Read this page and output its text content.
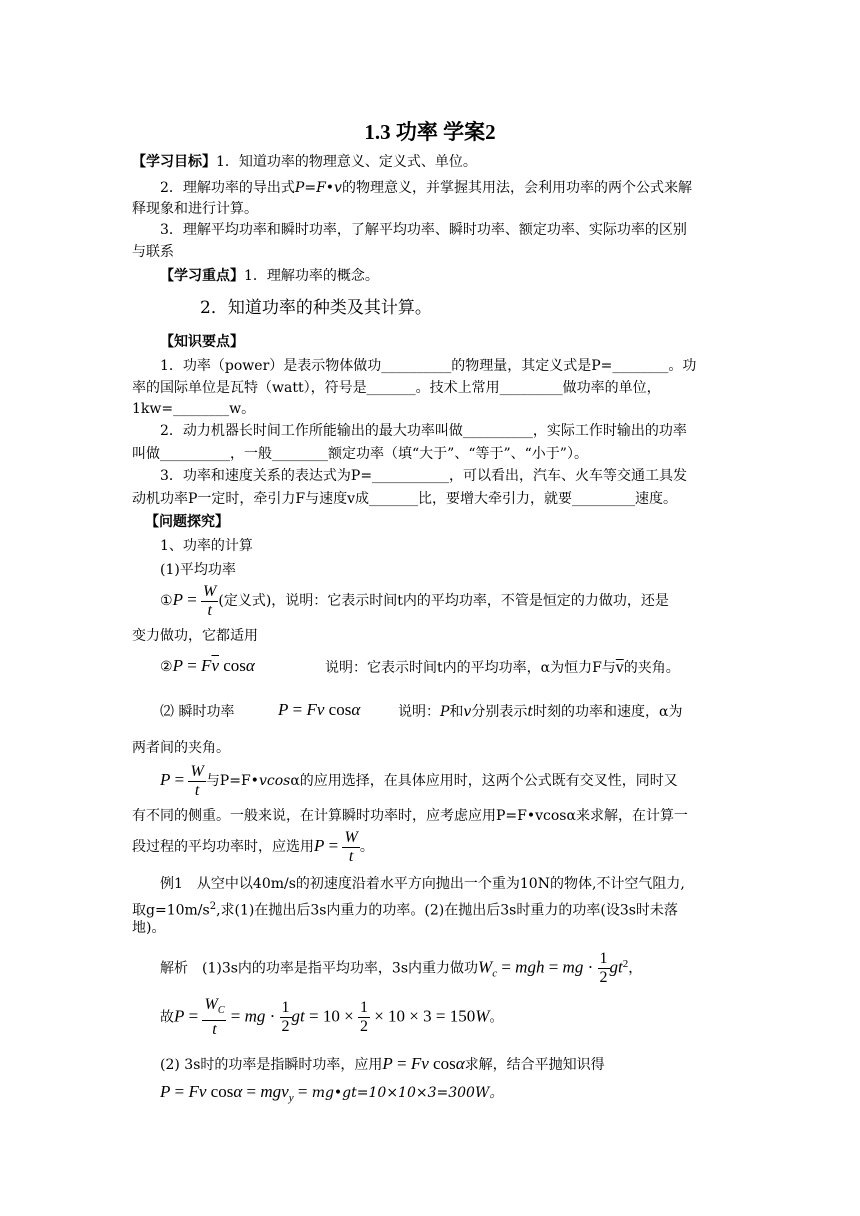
1.3 功率 学案2
【学习目标】1．知道功率的物理意义、定义式、单位。
2．理解功率的导出式P=F•v的物理意义，并掌握其用法，会利用功率的两个公式来解
释现象和进行计算。
3．理解平均功率和瞬时功率，了解平均功率、瞬时功率、额定功率、实际功率的区别
与联系
【学习重点】1．理解功率的概念。
2．知道功率的种类及其计算。
【知识要点】
1．功率（power）是表示物体做功__________的物理量，其定义式是P=________。功
率的国际单位是瓦特（watt），符号是_______。技术上常用_________做功率的单位，
1kw=________w。
2．动力机器长时间工作所能输出的最大功率叫做__________，实际工作时输出的功率
叫做__________，一般________额定功率（填“大于”、“等于”、“小于”）。
3．功率和速度关系的表达式为P=___________，可以看出，汽车、火车等交通工具发
动机功率P一定时，牵引力F与速度v成_______比，要增大牵引力，就要_________速度。
【问题探究】
1、功率的计算
(1)平均功率
①P = $\frac{W}{t}$ (定义式)，说明：它表示时间t内的平均功率，不管是恒定的力做功，还是
变力做功，它都适用
②P = $F\overline{v}$ cosα	说明：它表示时间t内的平均功率，α为恒力F与$\overline{v}$的夹角。
⑵ 瞬时功率	P = Fv cosα	说明：P和v分别表示t时刻的功率和速度，α为
两者间的夹角。
$P = \frac{W}{t}$ 与P=F•vcosα的应用选择，在具体应用时，这两个公式既有交叉性，同时又
有不同的侧重。一般来说，在计算瞬时功率时，应考虑应用P=F•vcosα来求解，在计算一
段过程的平均功率时，应选用$P = \frac{W}{t}$ 。
例1　从空中以40m/s的初速度沿着水平方向抛出一个重为10N的物体,不计空气阻力,
取$g=10m/s^2$,求(1)在抛出后3s内重力的功率。(2)在抛出后3s时重力的功率(设3s时未落
地)。
解析　(1)3s内的功率是指平均功率，3s内重力做功$W_c$ = mgh = mg · $\frac{1}{2} gt^2$，
故$P = \frac{W_C}{t}$ = mg · $\frac{1}{2}$ gt = $10 \times \frac{1}{2} \times 10 \times 3 = 150W$。
(2) 3s时的功率是指瞬时功率，应用P = Fv cosα求解，结合平抛知识得
P = Fv cosα = mgv$_y$ = mg•gt=10×10×3=300W。
